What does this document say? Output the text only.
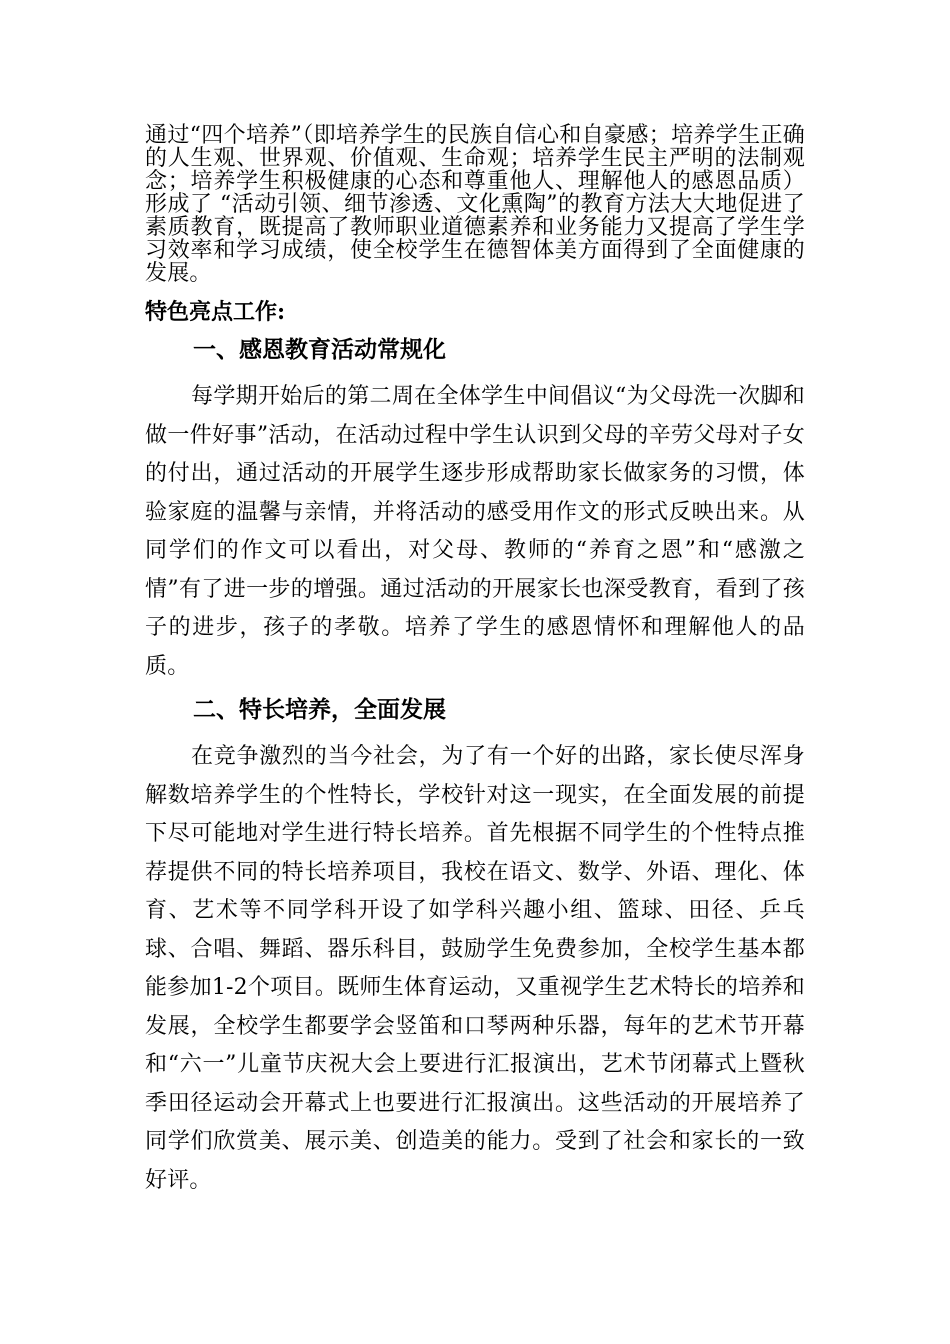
通过“四个培养”（即培养学生的民族自信心和自豪感；培养学生正确的人生观、世界观、价值观、生命观；培养学生民主严明的法制观念；培养学生积极健康的心态和尊重他人、理解他人的感恩品质）形成了 “活动引领、细节渗透、文化熏陶”的教育方法大大地促进了素质教育，既提高了教师职业道德素养和业务能力又提高了学生学习效率和学习成绩，使全校学生在德智体美方面得到了全面健康的发展。

特色亮点工作:

一、感恩教育活动常规化

每学期开始后的第二周在全体学生中间倡议“为父母洗一次脚和做一件好事”活动，在活动过程中学生认识到父母的辛劳父母对子女的付出，通过活动的开展学生逐步形成帮助家长做家务的习惯，体验家庭的温馨与亲情，并将活动的感受用作文的形式反映出来。从同学们的作文可以看出，对父母、教师的“养育之恩”和“感激之情”有了进一步的增强。通过活动的开展家长也深受教育，看到了孩子的进步，孩子的孝敬。培养了学生的感恩情怀和理解他人的品质。

二、特长培养，全面发展

在竞争激烈的当今社会，为了有一个好的出路，家长使尽浑身解数培养学生的个性特长，学校针对这一现实，在全面发展的前提下尽可能地对学生进行特长培养。首先根据不同学生的个性特点推荐提供不同的特长培养项目，我校在语文、数学、外语、理化、体育、艺术等不同学科开设了如学科兴趣小组、篮球、田径、乒乓球、合唱、舞蹈、器乐科目，鼓励学生免费参加，全校学生基本都能参加1-2个项目。既师生体育运动，又重视学生艺术特长的培养和发展，全校学生都要学会竖笛和口琴两种乐器，每年的艺术节开幕和“六一”儿童节庆祝大会上要进行汇报演出，艺术节闭幕式上暨秋季田径运动会开幕式上也要进行汇报演出。这些活动的开展培养了同学们欣赏美、展示美、创造美的能力。受到了社会和家长的一致好评。
